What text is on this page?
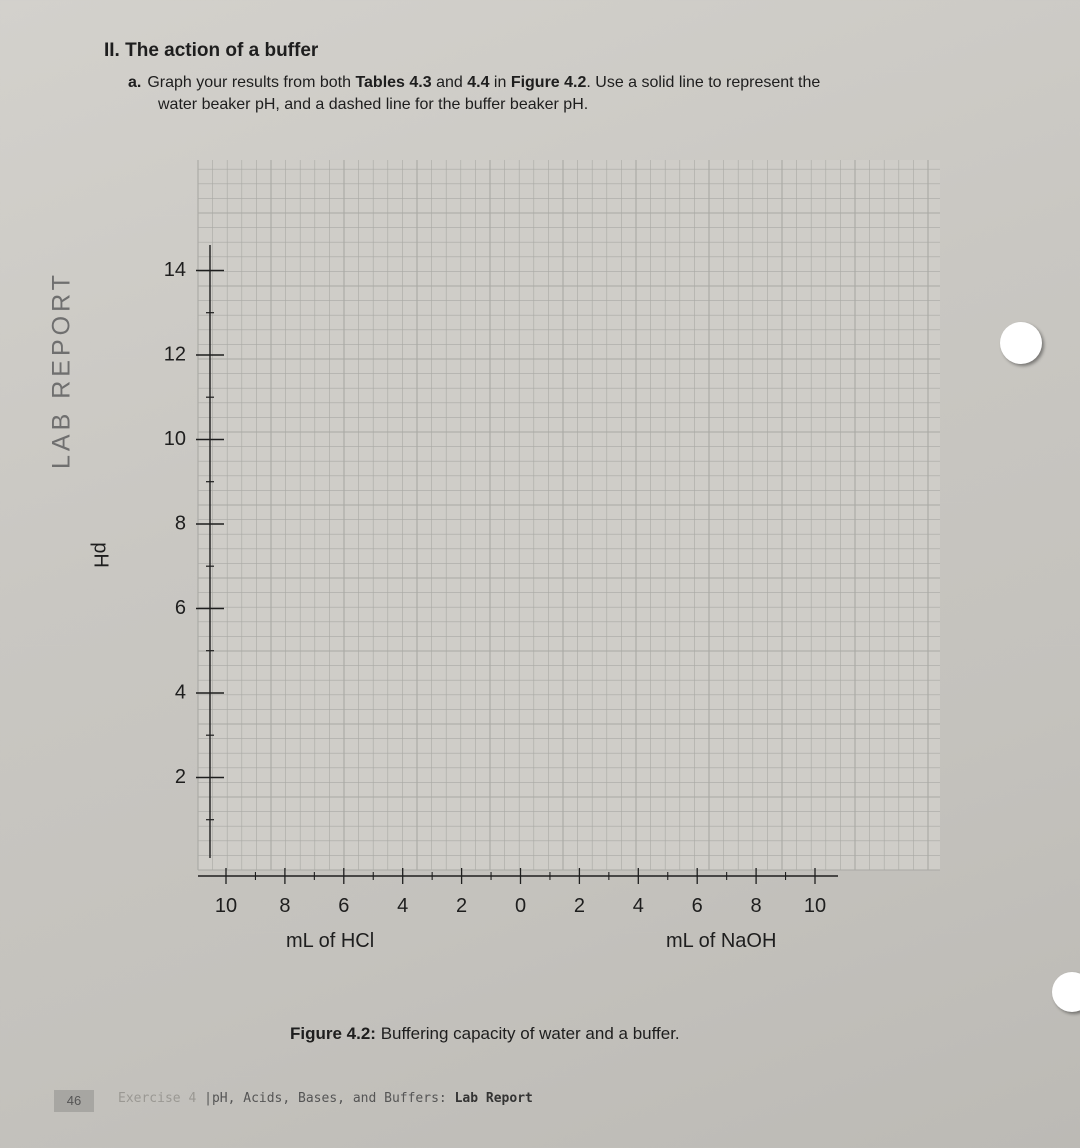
II. The action of a buffer
a. Graph your results from both Tables 4.3 and 4.4 in Figure 4.2. Use a solid line to represent the
water beaker pH, and a dashed line for the buffer beaker pH.
LAB REPORT
14
12
10
8
6
4
2
10 8 6 4 2 0 2 4 6 8 10
pH
mL of HCl	mL of NaOH
Figure 4.2: Buffering capacity of water and a buffer.
46	Exercise 4 |pH, Acids, Bases, and Buffers: Lab Report
